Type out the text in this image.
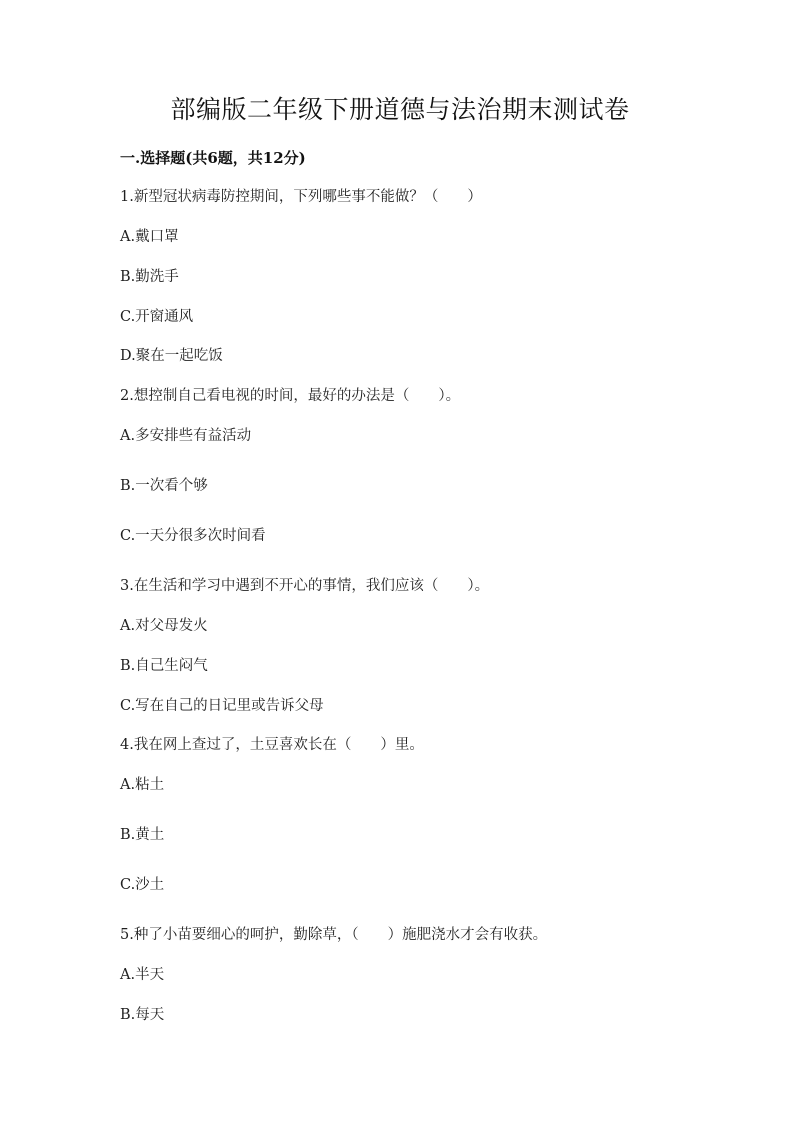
部编版二年级下册道德与法治期末测试卷
一.选择题(共6题，共12分)
1.新型冠状病毒防控期间，下列哪些事不能做？（　　）
A.戴口罩
B.勤洗手
C.开窗通风
D.聚在一起吃饭
2.想控制自己看电视的时间，最好的办法是（　　）。
A.多安排些有益活动
B.一次看个够
C.一天分很多次时间看
3.在生活和学习中遇到不开心的事情，我们应该（　　）。
A.对父母发火
B.自己生闷气
C.写在自己的日记里或告诉父母
4.我在网上查过了，土豆喜欢长在（　　）里。
A.粘土
B.黄土
C.沙土
5.种了小苗要细心的呵护，勤除草，（　　）施肥浇水才会有收获。
A.半天
B.每天
